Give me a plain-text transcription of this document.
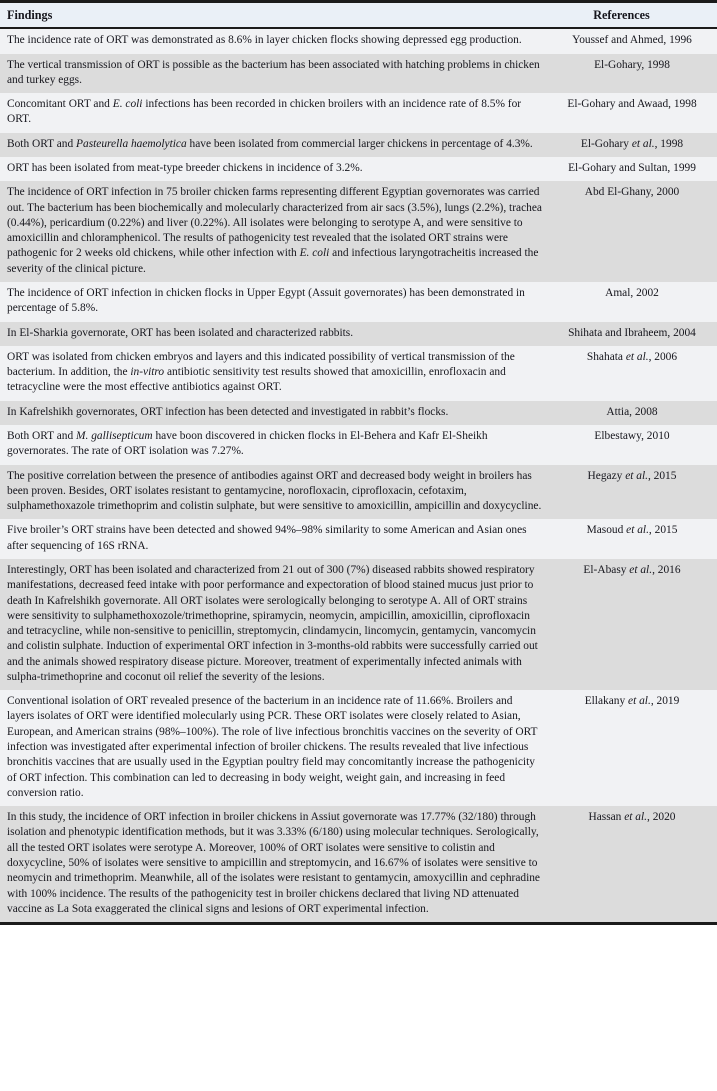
Findings	References
The incidence rate of ORT was demonstrated as 8.6% in layer chicken flocks showing depressed egg production.	Youssef and Ahmed, 1996
The vertical transmission of ORT is possible as the bacterium has been associated with hatching problems in chicken and turkey eggs.	El-Gohary, 1998
Concomitant ORT and E. coli infections has been recorded in chicken broilers with an incidence rate of 8.5% for ORT.	El-Gohary and Awaad, 1998
Both ORT and Pasteurella haemolytica have been isolated from commercial larger chickens in percentage of 4.3%.	El-Gohary et al., 1998
ORT has been isolated from meat-type breeder chickens in incidence of 3.2%.	El-Gohary and Sultan, 1999
The incidence of ORT infection in 75 broiler chicken farms representing different Egyptian governorates was carried out. The bacterium has been biochemically and molecularly characterized from air sacs (3.5%), lungs (2.2%), trachea (0.44%), pericardium (0.22%) and liver (0.22%). All isolates were belonging to serotype A, and were sensitive to amoxicillin and chloramphenicol. The results of pathogenicity test revealed that the isolated ORT strains were pathogenic for 2 weeks old chickens, while other infection with E. coli and infectious laryngotracheitis increased the severity of the clinical picture.	Abd El-Ghany, 2000
The incidence of ORT infection in chicken flocks in Upper Egypt (Assuit governorates) has been demonstrated in percentage of 5.8%.	Amal, 2002
In El-Sharkia governorate, ORT has been isolated and characterized rabbits.	Shihata and Ibraheem, 2004
ORT was isolated from chicken embryos and layers and this indicated possibility of vertical transmission of the bacterium. In addition, the in-vitro antibiotic sensitivity test results showed that amoxicillin, enrofloxacin and tetracycline were the most effective antibiotics against ORT.	Shahata et al., 2006
In Kafrelshikh governorates, ORT infection has been detected and investigated in rabbit’s flocks.	Attia, 2008
Both ORT and M. gallisepticum have boon discovered in chicken flocks in El-Behera and Kafr El-Sheikh governorates. The rate of ORT isolation was 7.27%.	Elbestawy, 2010
The positive correlation between the presence of antibodies against ORT and decreased body weight in broilers has been proven. Besides, ORT isolates resistant to gentamycine, norofloxacin, ciprofloxacin, cefotaxim, sulphamethoxazole trimethoprim and colistin sulphate, but were sensitive to amoxicillin, ampicillin and doxycycline.	Hegazy et al., 2015
Five broiler’s ORT strains have been detected and showed 94%–98% similarity to some American and Asian ones after sequencing of 16S rRNA.	Masoud et al., 2015
Interestingly, ORT has been isolated and characterized from 21 out of 300 (7%) diseased rabbits showed respiratory manifestations, decreased feed intake with poor performance and expectoration of blood stained mucus just prior to death In Kafrelshikh governorate. All ORT isolates were serologically belonging to serotype A. All of ORT strains were sensitivity to sulphamethoxozole/trimethoprine, spiramycin, neomycin, ampicillin, amoxicillin, ciprofloxacin and tetracycline, while non-sensitive to penicillin, streptomycin, clindamycin, lincomycin, gentamycin, vancomycin and colistin sulphate. Induction of experimental ORT infection in 3-months-old rabbits were successfully carried out and the animals showed respiratory disease picture. Moreover, treatment of experimentally infected animals with sulpha-trimethoprine and coconut oil relief the severity of the lesions.	El-Abasy et al., 2016
Conventional isolation of ORT revealed presence of the bacterium in an incidence rate of 11.66%. Broilers and layers isolates of ORT were identified molecularly using PCR. These ORT isolates were closely related to Asian, European, and American strains (98%–100%). The role of live infectious bronchitis vaccines on the severity of ORT infection was investigated after experimental infection of broiler chickens. The results revealed that live infectious bronchitis vaccines that are usually used in the Egyptian poultry field may concomitantly increase the pathogenicity of ORT infection. This combination can led to decreasing in body weight, weight gain, and increasing in feed conversion ratio.	Ellakany et al., 2019
In this study, the incidence of ORT infection in broiler chickens in Assiut governorate was 17.77% (32/180) through isolation and phenotypic identification methods, but it was 3.33% (6/180) using molecular techniques. Serologically, all the tested ORT isolates were serotype A. Moreover, 100% of ORT isolates were sensitive to colistin and doxycycline, 50% of isolates were sensitive to ampicillin and streptomycin, and 16.67% of isolates were sensitive to neomycin and trimethoprim. Meanwhile, all of the isolates were resistant to gentamycin, amoxycillin and cephradine with 100% incidence. The results of the pathogenicity test in broiler chickens declared that living ND attenuated vaccine as La Sota exaggerated the clinical signs and lesions of ORT experimental infection.	Hassan et al., 2020
